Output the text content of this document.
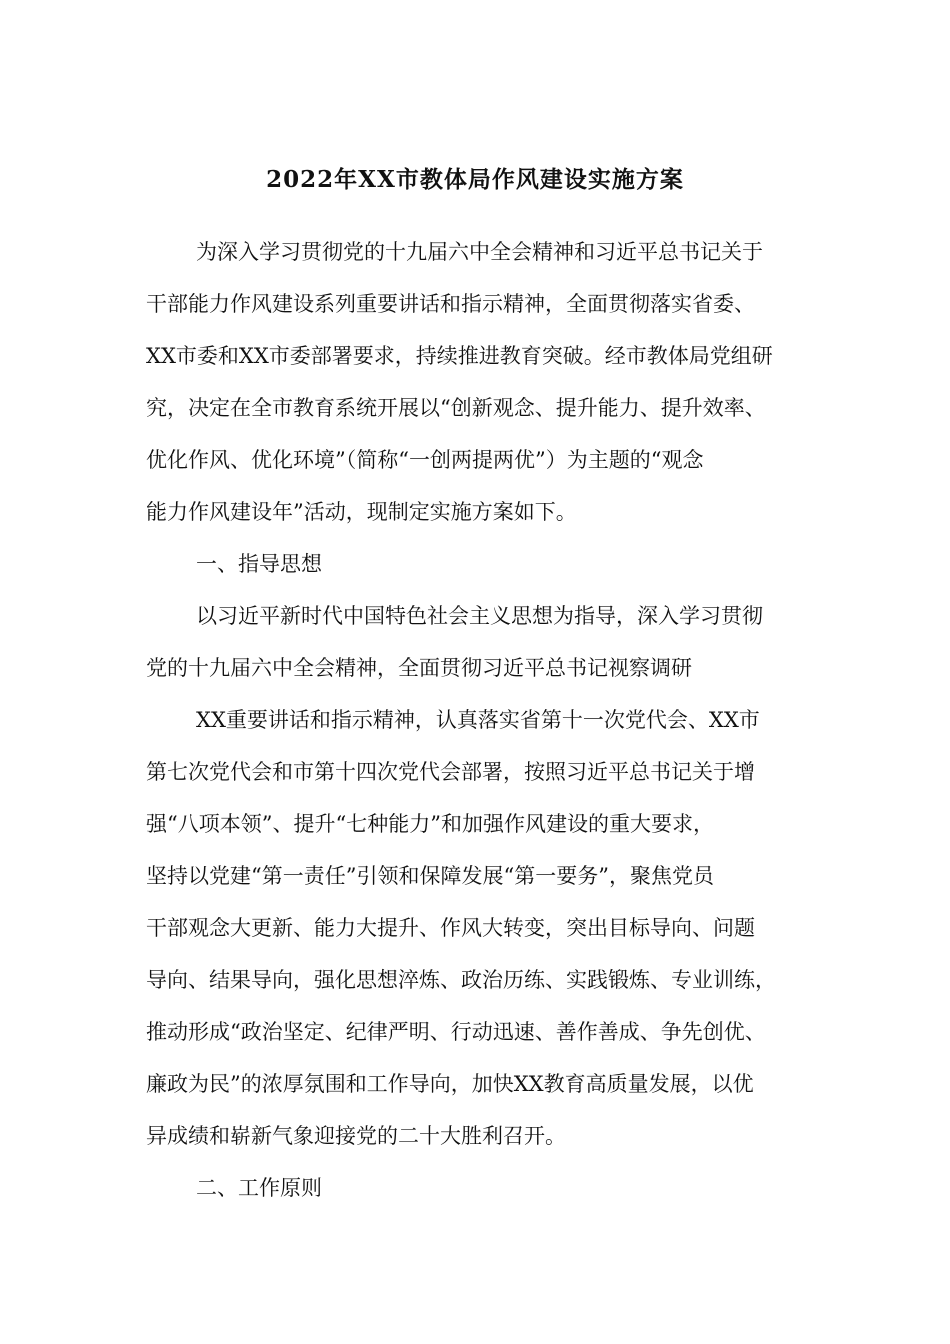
2022年XX市教体局作风建设实施方案
为深入学习贯彻党的十九届六中全会精神和习近平总书记关于
干部能力作风建设系列重要讲话和指示精神，全面贯彻落实省委、
XX市委和XX市委部署要求，持续推进教育突破。经市教体局党组研
究，决定在全市教育系统开展以“创新观念、提升能力、提升效率、
优化作风、优化环境”（简称“一创两提两优”）为主题的“观念
能力作风建设年”活动，现制定实施方案如下。
一、指导思想
以习近平新时代中国特色社会主义思想为指导，深入学习贯彻
党的十九届六中全会精神，全面贯彻习近平总书记视察调研
XX重要讲话和指示精神，认真落实省第十一次党代会、XX市
第七次党代会和市第十四次党代会部署，按照习近平总书记关于增
强“八项本领”、提升“七种能力”和加强作风建设的重大要求，
坚持以党建“第一责任”引领和保障发展“第一要务”，聚焦党员
干部观念大更新、能力大提升、作风大转变，突出目标导向、问题
导向、结果导向，强化思想淬炼、政治历练、实践锻炼、专业训练，
推动形成“政治坚定、纪律严明、行动迅速、善作善成、争先创优、
廉政为民”的浓厚氛围和工作导向，加快XX教育高质量发展，以优
异成绩和崭新气象迎接党的二十大胜利召开。
二、工作原则
